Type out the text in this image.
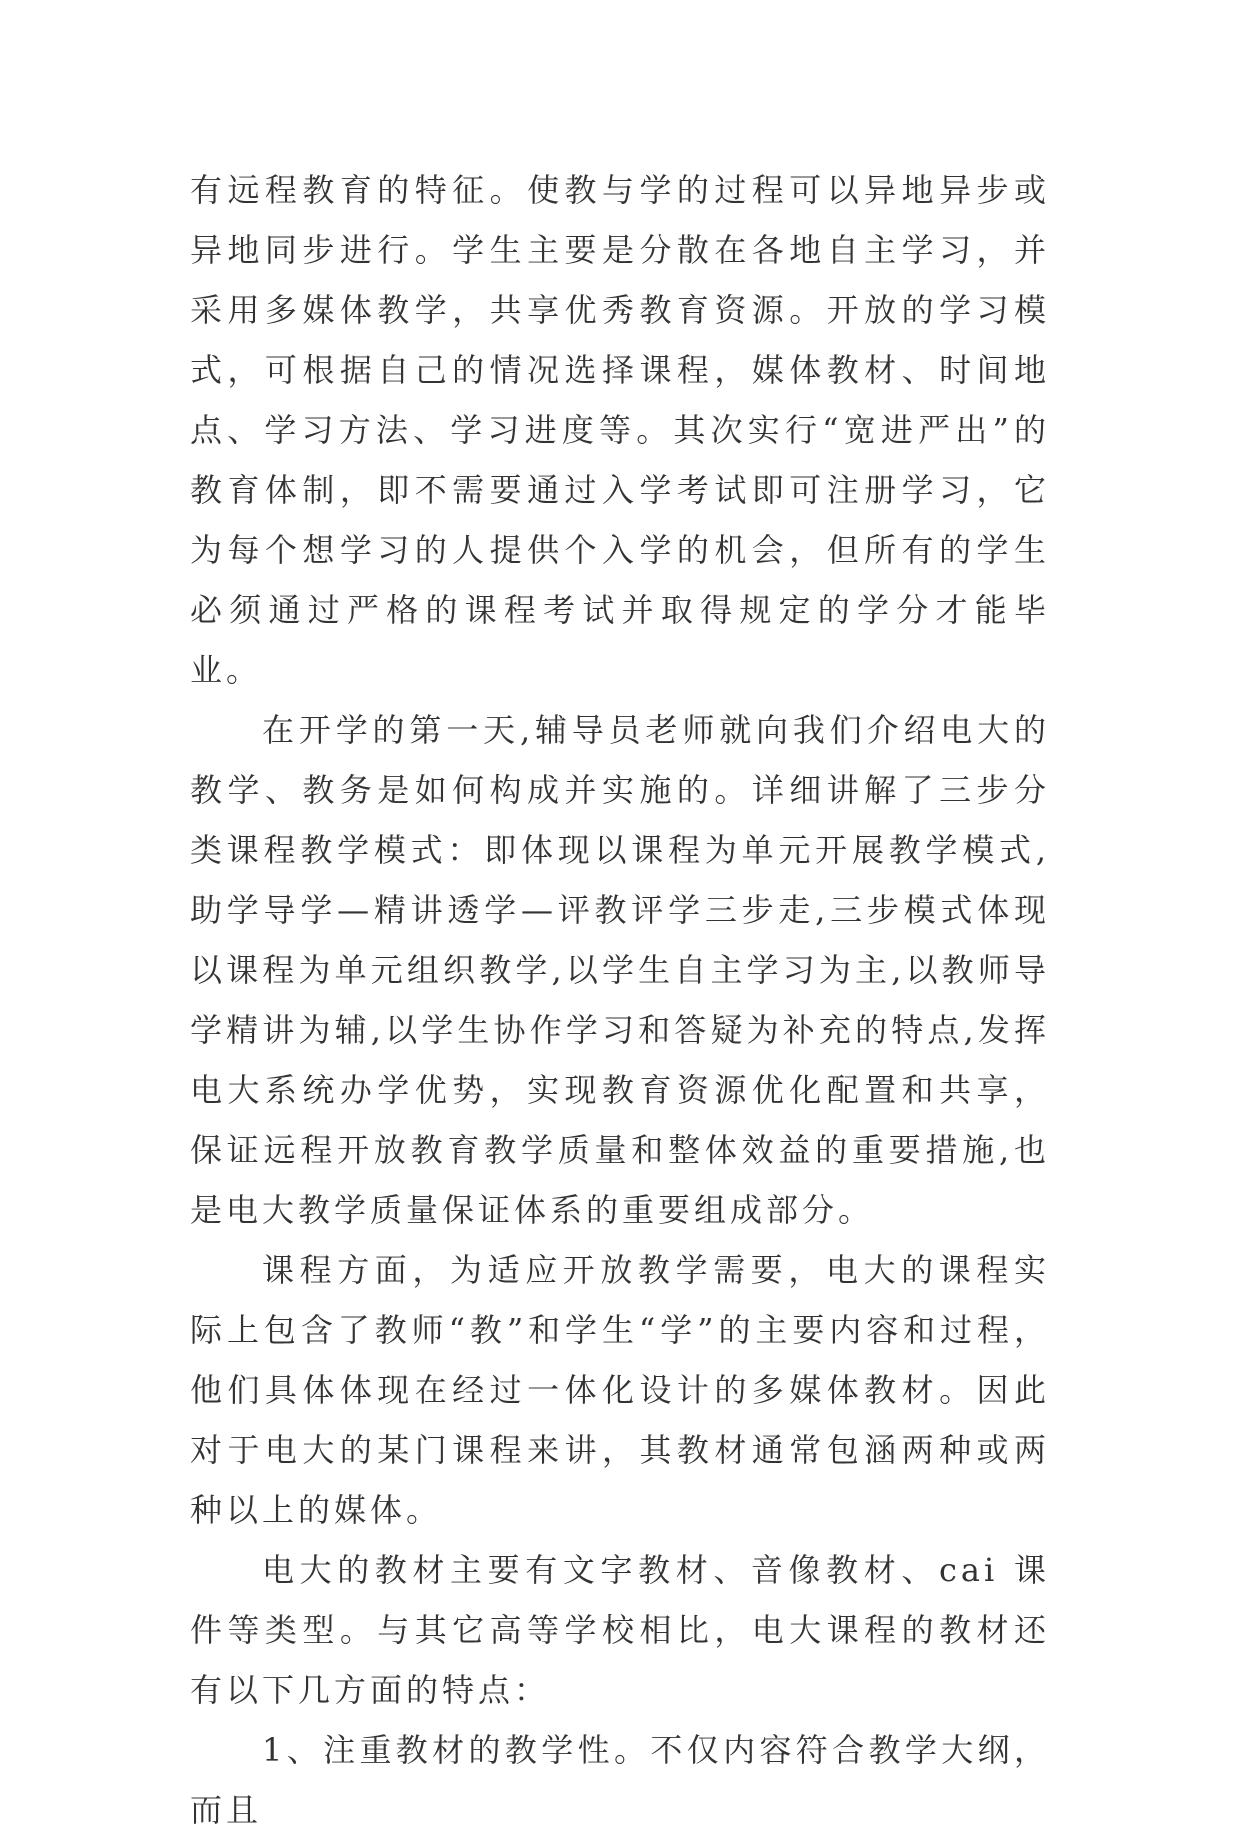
有远程教育的特征。使教与学的过程可以异地异步或异地同步进行。学生主要是分散在各地自主学习，并采用多媒体教学，共享优秀教育资源。开放的学习模式，可根据自己的情况选择课程，媒体教材、时间地点、学习方法、学习进度等。其次实行“宽进严出”的教育体制，即不需要通过入学考试即可注册学习，它为每个想学习的人提供个入学的机会，但所有的学生必须通过严格的课程考试并取得规定的学分才能毕业。

在开学的第一天,辅导员老师就向我们介绍电大的教学、教务是如何构成并实施的。详细讲解了三步分类课程教学模式：即体现以课程为单元开展教学模式,助学导学—精讲透学—评教评学三步走,三步模式体现以课程为单元组织教学,以学生自主学习为主,以教师导学精讲为辅,以学生协作学习和答疑为补充的特点,发挥电大系统办学优势，实现教育资源优化配置和共享，保证远程开放教育教学质量和整体效益的重要措施,也是电大教学质量保证体系的重要组成部分。

课程方面，为适应开放教学需要，电大的课程实际上包含了教师“教”和学生“学”的主要内容和过程，他们具体体现在经过一体化设计的多媒体教材。因此对于电大的某门课程来讲，其教材通常包涵两种或两种以上的媒体。

电大的教材主要有文字教材、音像教材、cai 课件等类型。与其它高等学校相比，电大课程的教材还有以下几方面的特点：

1、注重教材的教学性。不仅内容符合教学大纲，而且
